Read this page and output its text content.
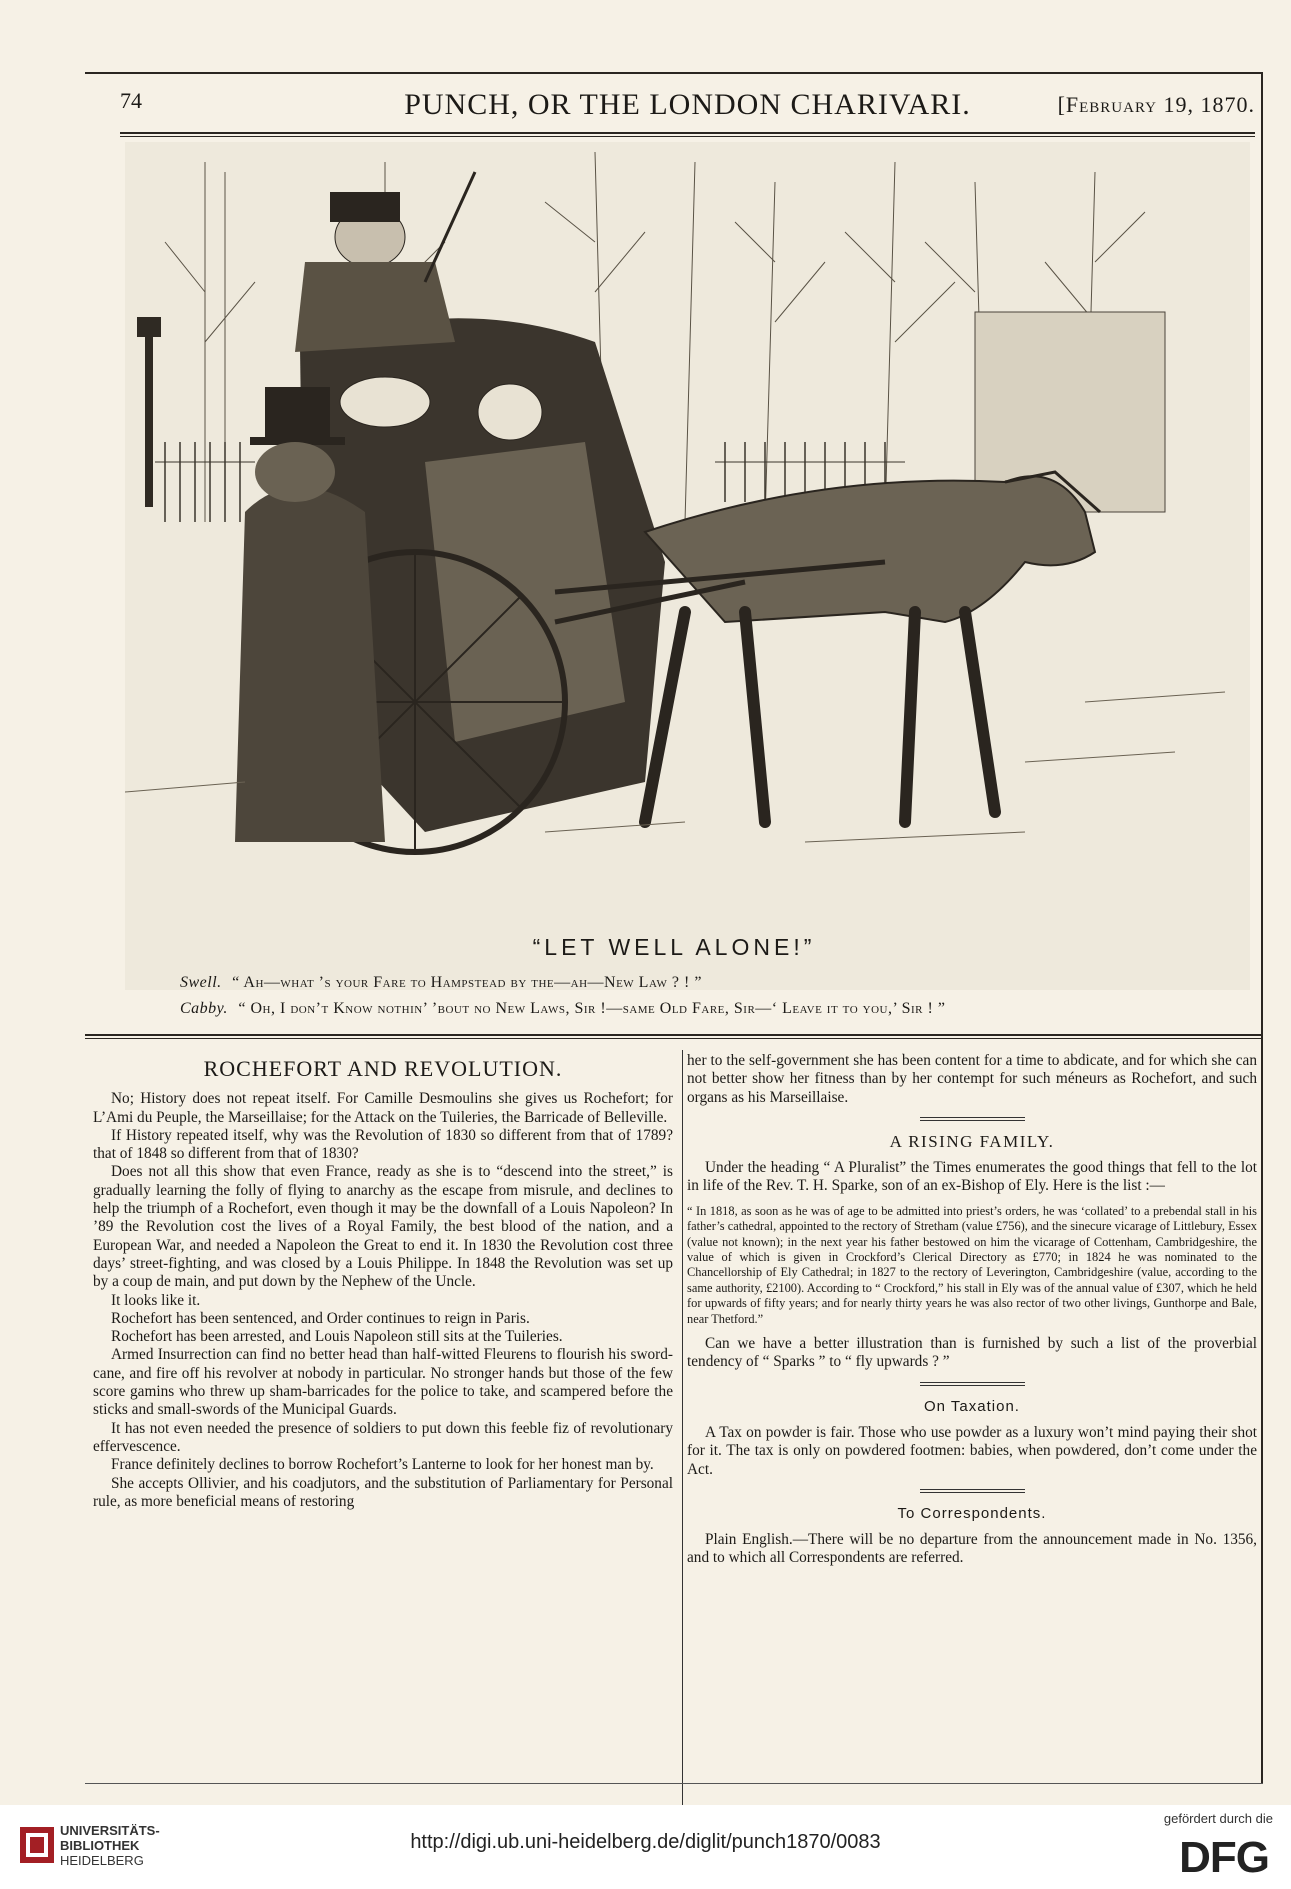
74	PUNCH, OR THE LONDON CHARIVARI.	[February 19, 1870.
“LET WELL ALONE!”
Swell. “ Ah—what ’s your Fare to Hampstead by the—ah—New Law ? ! ”
Cabby. “ Oh, I don’t Know nothin’ ’bout no New Laws, Sir !—same Old Fare, Sir—‘ Leave it to you,’ Sir ! ”
ROCHEFORT AND REVOLUTION.

No; History does not repeat itself. For Camille Desmoulins she gives us Rochefort; for L’Ami du Peuple, the Marseillaise; for the Attack on the Tuileries, the Barricade of Belleville.

If History repeated itself, why was the Revolution of 1830 so different from that of 1789? that of 1848 so different from that of 1830?

Does not all this show that even France, ready as she is to “descend into the street,” is gradually learning the folly of flying to anarchy as the escape from misrule, and declines to help the triumph of a Rochefort, even though it may be the downfall of a Louis Napoleon? In ’89 the Revolution cost the lives of a Royal Family, the best blood of the nation, and a European War, and needed a Napoleon the Great to end it. In 1830 the Revolution cost three days’ street-fighting, and was closed by a Louis Philippe. In 1848 the Revolution was set up by a coup de main, and put down by the Nephew of the Uncle.

It looks like it.

Rochefort has been sentenced, and Order continues to reign in Paris.

Rochefort has been arrested, and Louis Napoleon still sits at the Tuileries.

Armed Insurrection can find no better head than half-witted Fleurens to flourish his sword-cane, and fire off his revolver at nobody in particular. No stronger hands but those of the few score gamins who threw up sham-barricades for the police to take, and scampered before the sticks and small-swords of the Municipal Guards.

It has not even needed the presence of soldiers to put down this feeble fiz of revolutionary effervescence.

France definitely declines to borrow Rochefort’s Lanterne to look for her honest man by.

She accepts Ollivier, and his coadjutors, and the substitution of Parliamentary for Personal rule, as more beneficial means of restoring

her to the self-government she has been content for a time to abdicate, and for which she can not better show her fitness than by her contempt for such méneurs as Rochefort, and such organs as his Marseillaise.

A RISING FAMILY.

Under the heading “ A Pluralist” the Times enumerates the good things that fell to the lot in life of the Rev. T. H. Sparke, son of an ex-Bishop of Ely. Here is the list :—

“ In 1818, as soon as he was of age to be admitted into priest’s orders, he was ‘collated’ to a prebendal stall in his father’s cathedral, appointed to the rectory of Stretham (value £756), and the sinecure vicarage of Littlebury, Essex (value not known); in the next year his father bestowed on him the vicarage of Cottenham, Cambridgeshire, the value of which is given in Crockford’s Clerical Directory as £770; in 1824 he was nominated to the Chancellorship of Ely Cathedral; in 1827 to the rectory of Leverington, Cambridgeshire (value, according to the same authority, £2100). According to “ Crockford,” his stall in Ely was of the annual value of £307, which he held for upwards of fifty years; and for nearly thirty years he was also rector of two other livings, Gunthorpe and Bale, near Thetford.”

Can we have a better illustration than is furnished by such a list of the proverbial tendency of “ Sparks ” to “ fly upwards ? ”

On Taxation.

A Tax on powder is fair. Those who use powder as a luxury won’t mind paying their shot for it. The tax is only on powdered footmen: babies, when powdered, don’t come under the Act.

To Correspondents.

Plain English.—There will be no departure from the announcement made in No. 1356, and to which all Correspondents are referred.

UNIVERSITÄTS-
BIBLIOTHEK
HEIDELBERG
http://digi.ub.uni-heidelberg.de/diglit/punch1870/0083
gefördert durch die
DFG
